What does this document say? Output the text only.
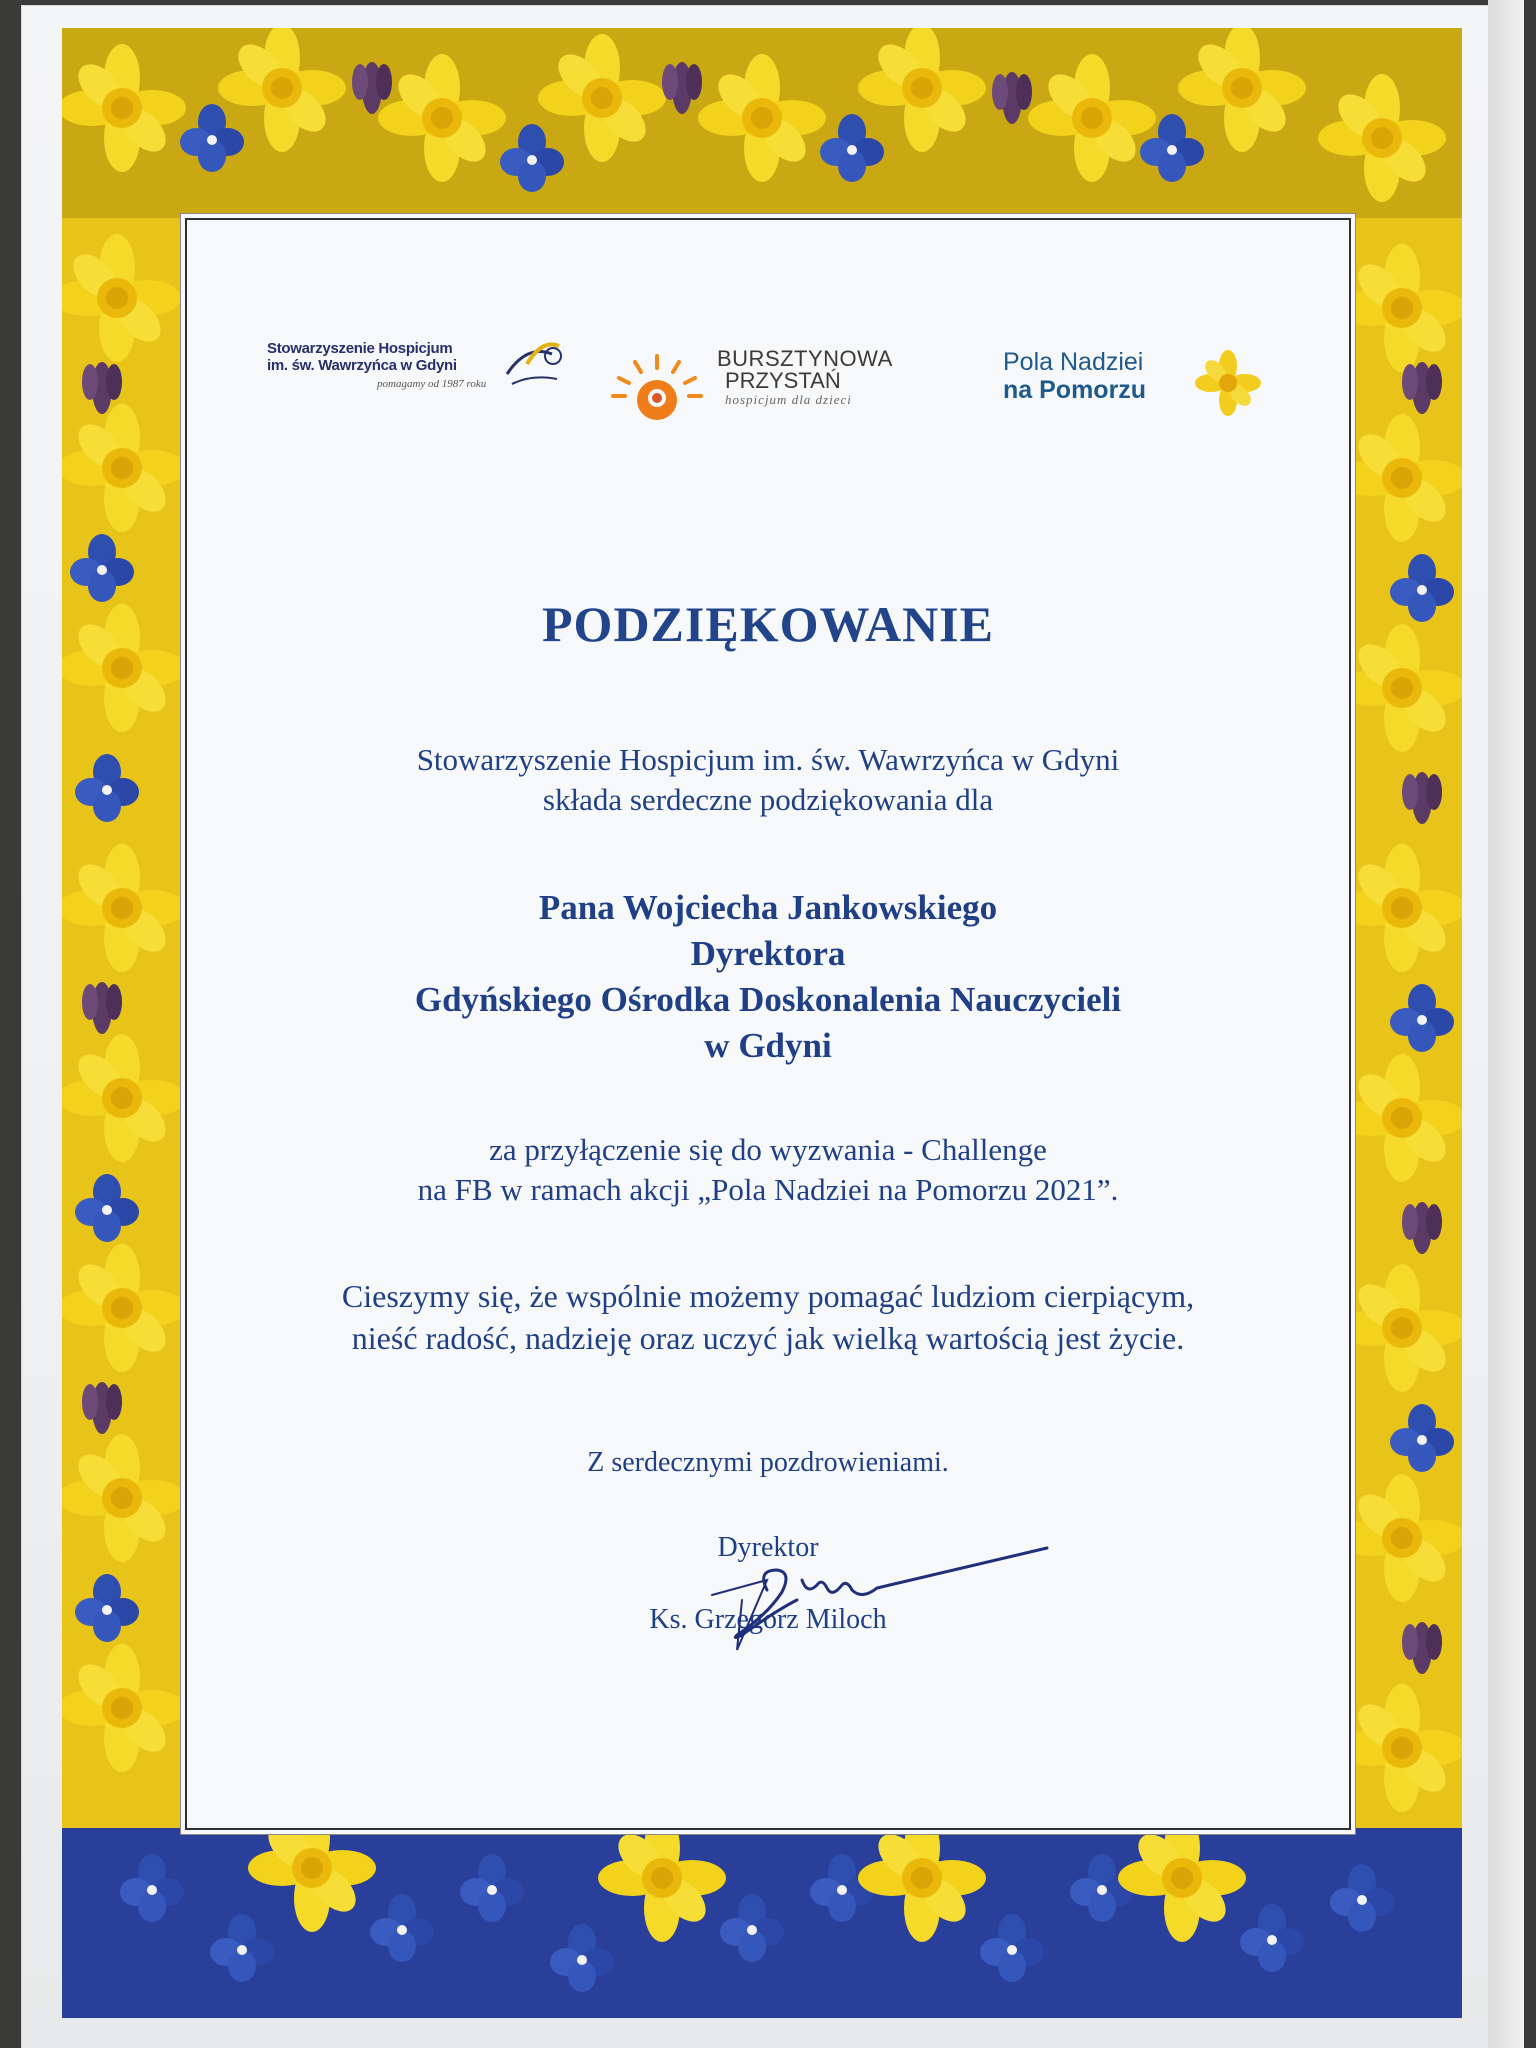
Stowarzyszenie Hospicjum
im. św. Wawrzyńca w Gdyni
pomagamy od 1987 roku
BURSZTYNOWA
PRZYSTAŃ
hospicjum dla dzieci
Pola Nadziei
na Pomorzu
PODZIĘKOWANIE
Stowarzyszenie Hospicjum im. św. Wawrzyńca w Gdyni
składa serdeczne podziękowania dla
Pana Wojciecha Jankowskiego
Dyrektora
Gdyńskiego Ośrodka Doskonalenia Nauczycieli
w Gdyni
za przyłączenie się do wyzwania - Challenge
na FB w ramach akcji „Pola Nadziei na Pomorzu 2021”.
Cieszymy się, że wspólnie możemy pomagać ludziom cierpiącym,
nieść radość, nadzieję oraz uczyć jak wielką wartością jest życie.
Z serdecznymi pozdrowieniami.
Dyrektor
Ks. Grzegorz Miloch
